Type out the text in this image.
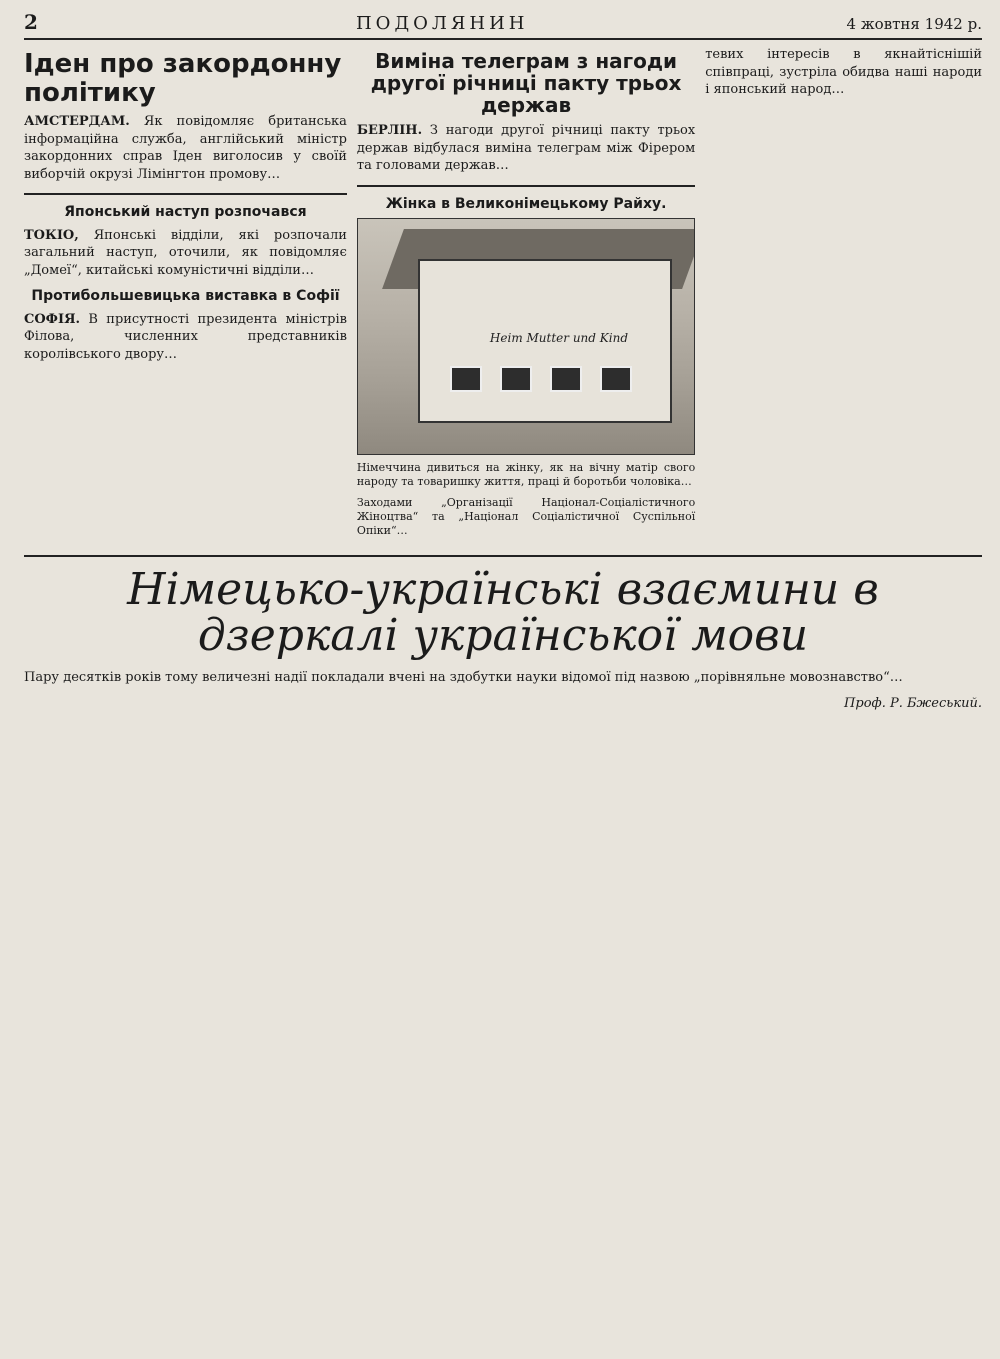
2	ПОДОЛЯНИН	4 жовтня 1942 р.
Іден про закордонну політику

АМСТЕРДАМ. Як повідомляє британська інформаційна служба, англійський міністр закордонних справ Іден виголосив у своїй виборчій окрузі Лімінгтон промову…

Японський наступ розпочався

ТОКІО, Японські відділи, які розпочали загальний наступ, оточили, як повідомляє „Домеї“, китайські комуністичні відділи…

Протибольшевицька виставка в Софії

СОФІЯ. В присутності президента міністрів Філова, численних представників королівського двору…

Виміна телеграм з нагоди другої річниці пакту трьох держав

БЕРЛІН. З нагоди другої річниці пакту трьох держав відбулася виміна телеграм між Фірером та головами держав…

Жінка в Великонімецькому Райху.
Heim Mutter und Kind

Німеччина дивиться на жінку, як на вічну матір свого народу та товаришку життя, праці й боротьби чоловіка…

Заходами „Організації Націонал-Соціалістичного Жіноцтва“ та „Націонал Соціалістичної Суспільної Опіки“…

тевих інтересів в якнайтіснішій співпраці, зустріла обидва наші народи і японський народ…

Німецько-українські взаємини в дзеркалі української мови

Пару десятків років тому величезні надії покладали вчені на здобутки науки відомої під назвою „порівняльне мовознавство“…

Проф. Р. Бжеський.
